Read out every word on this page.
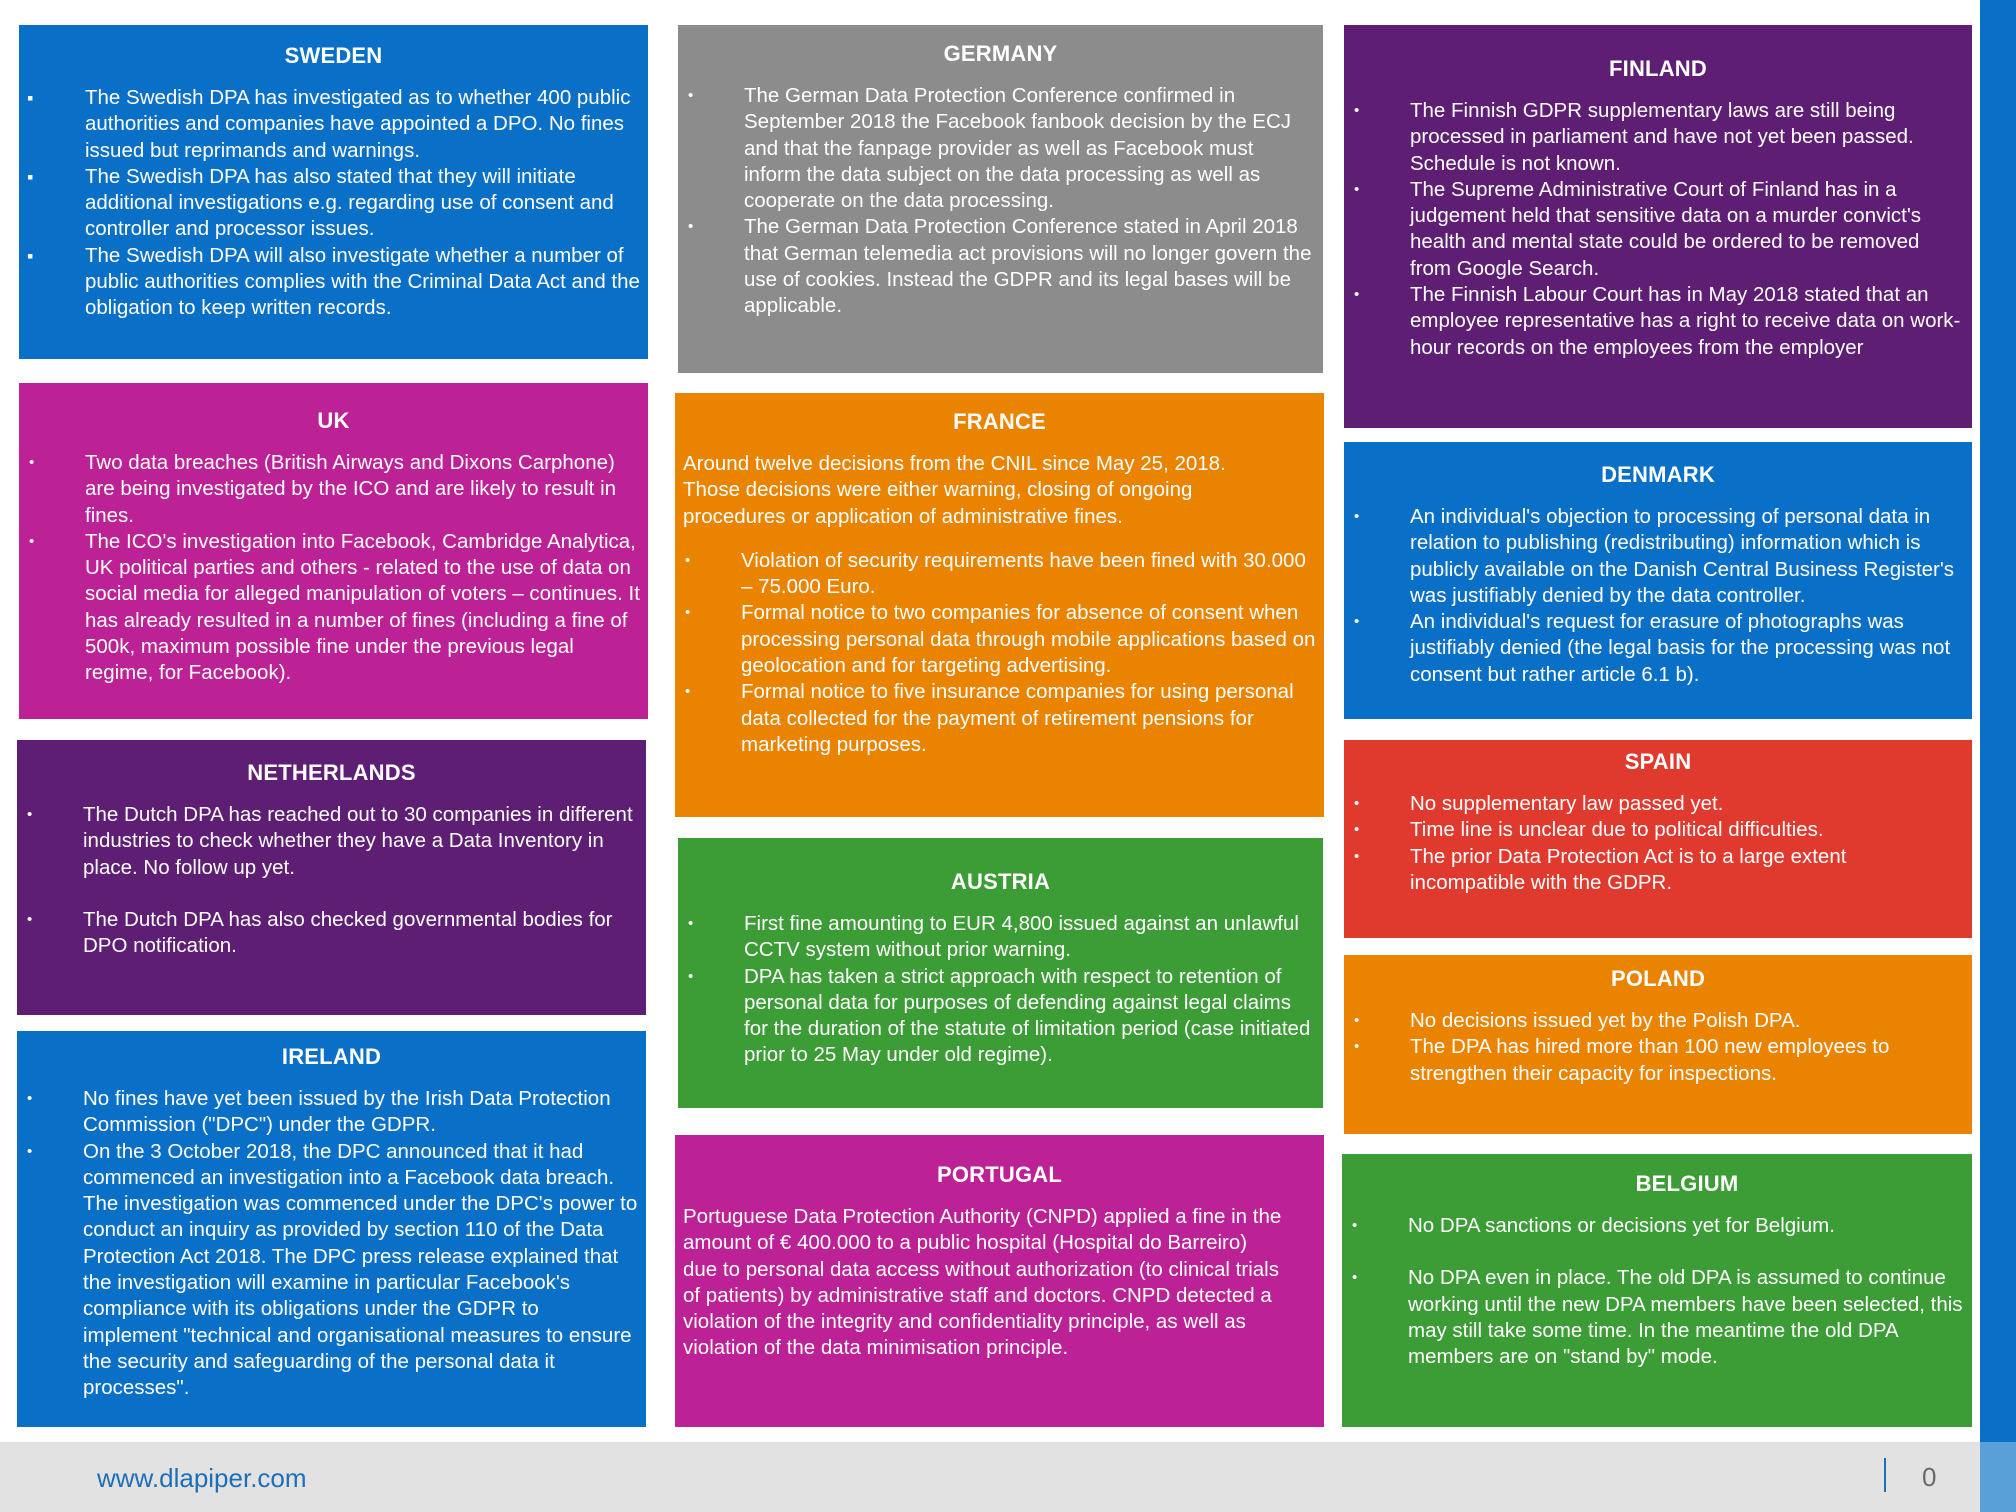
SWEDEN
▪ The Swedish DPA has investigated as to whether 400 public authorities and companies have appointed a DPO. No fines issued but reprimands and warnings.
▪ The Swedish DPA has also stated that they will initiate additional investigations e.g. regarding use of consent and controller and processor issues.
▪ The Swedish DPA will also investigate whether a number of public authorities complies with the Criminal Data Act and the obligation to keep written records.
UK
• Two data breaches (British Airways and Dixons Carphone) are being investigated by the ICO and are likely to result in fines.
• The ICO's investigation into Facebook, Cambridge Analytica, UK political parties and others - related to the use of data on social media for alleged manipulation of voters – continues. It has already resulted in a number of fines (including a fine of 500k, maximum possible fine under the previous legal regime, for Facebook).
NETHERLANDS
• The Dutch DPA has reached out to 30 companies in different industries to check whether they have a Data Inventory in place. No follow up yet.
• The Dutch DPA has also checked governmental bodies for DPO notification.
IRELAND
• No fines have yet been issued by the Irish Data Protection Commission ("DPC") under the GDPR.
• On the 3 October 2018, the DPC announced that it had commenced an investigation into a Facebook data breach. The investigation was commenced under the DPC's power to conduct an inquiry as provided by section 110 of the Data Protection Act 2018. The DPC press release explained that the investigation will examine in particular Facebook's compliance with its obligations under the GDPR to implement "technical and organisational measures to ensure the security and safeguarding of the personal data it processes".
GERMANY
• The German Data Protection Conference confirmed in September 2018 the Facebook fanbook decision by the ECJ and that the fanpage provider as well as Facebook must inform the data subject on the data processing as well as cooperate on the data processing.
• The German Data Protection Conference stated in April 2018 that German telemedia act provisions will no longer govern the use of cookies. Instead the GDPR and its legal bases will be applicable.
FRANCE

Around twelve decisions from the CNIL since May 25, 2018. Those decisions were either warning, closing of ongoing procedures or application of administrative fines.

• Violation of security requirements have been fined with 30.000 – 75.000 Euro.
• Formal notice to two companies for absence of consent when processing personal data through mobile applications based on geolocation and for targeting advertising.
• Formal notice to five insurance companies for using personal data collected for the payment of retirement pensions for marketing purposes.
AUSTRIA
• First fine amounting to EUR 4,800 issued against an unlawful CCTV system without prior warning.
• DPA has taken a strict approach with respect to retention of personal data for purposes of defending against legal claims for the duration of the statute of limitation period (case initiated prior to 25 May under old regime).
PORTUGAL

Portuguese Data Protection Authority (CNPD) applied a fine in the amount of € 400.000 to a public hospital (Hospital do Barreiro) due to personal data access without authorization (to clinical trials of patients) by administrative staff and doctors. CNPD detected a violation of the integrity and confidentiality principle, as well as violation of the data minimisation principle.

FINLAND
• The Finnish GDPR supplementary laws are still being processed in parliament and have not yet been passed. Schedule is not known.
• The Supreme Administrative Court of Finland has in a judgement held that sensitive data on a murder convict's health and mental state could be ordered to be removed from Google Search.
• The Finnish Labour Court has in May 2018 stated that an employee representative has a right to receive data on work-hour records on the employees from the employer
DENMARK
• An individual's objection to processing of personal data in relation to publishing (redistributing) information which is publicly available on the Danish Central Business Register's was justifiably denied by the data controller.
• An individual's request for erasure of photographs was justifiably denied (the legal basis for the processing was not consent but rather article 6.1 b).
SPAIN
• No supplementary law passed yet.
• Time line is unclear due to political difficulties.
• The prior Data Protection Act is to a large extent incompatible with the GDPR.
POLAND
• No decisions issued yet by the Polish DPA.
• The DPA has hired more than 100 new employees to strengthen their capacity for inspections.
BELGIUM
• No DPA sanctions or decisions yet for Belgium.
• No DPA even in place. The old DPA is assumed to continue working until the new DPA members have been selected, this may still take some time. In the meantime the old DPA members are on "stand by" mode.
www.dlapiper.com	0
